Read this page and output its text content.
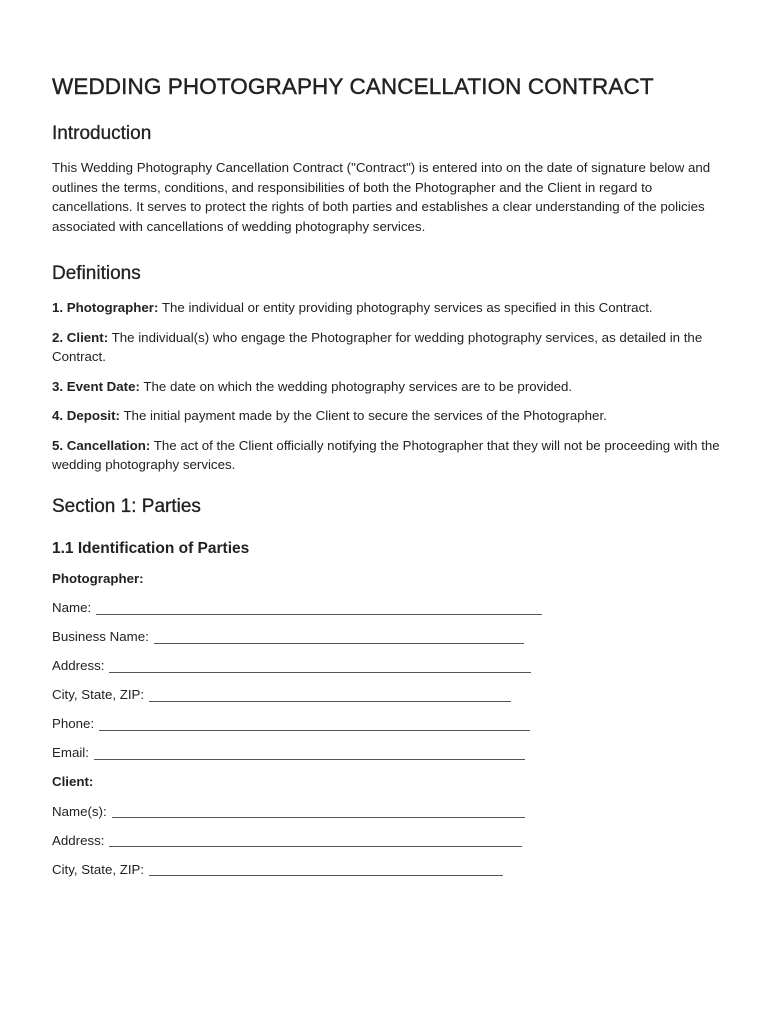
WEDDING PHOTOGRAPHY CANCELLATION CONTRACT
Introduction

This Wedding Photography Cancellation Contract ("Contract") is entered into on the date of signature below and outlines the terms, conditions, and responsibilities of both the Photographer and the Client in regard to cancellations. It serves to protect the rights of both parties and establishes a clear understanding of the policies associated with cancellations of wedding photography services.

Definitions

1. Photographer: The individual or entity providing photography services as specified in this Contract.

2. Client: The individual(s) who engage the Photographer for wedding photography services, as detailed in the Contract.

3. Event Date: The date on which the wedding photography services are to be provided.

4. Deposit: The initial payment made by the Client to secure the services of the Photographer.

5. Cancellation: The act of the Client officially notifying the Photographer that they will not be proceeding with the wedding photography services.

Section 1: Parties
1.1 Identification of Parties

Photographer:

Name:
Business Name:
Address:
City, State, ZIP:
Phone:
Email:

Client:

Name(s):
Address:
City, State, ZIP:
